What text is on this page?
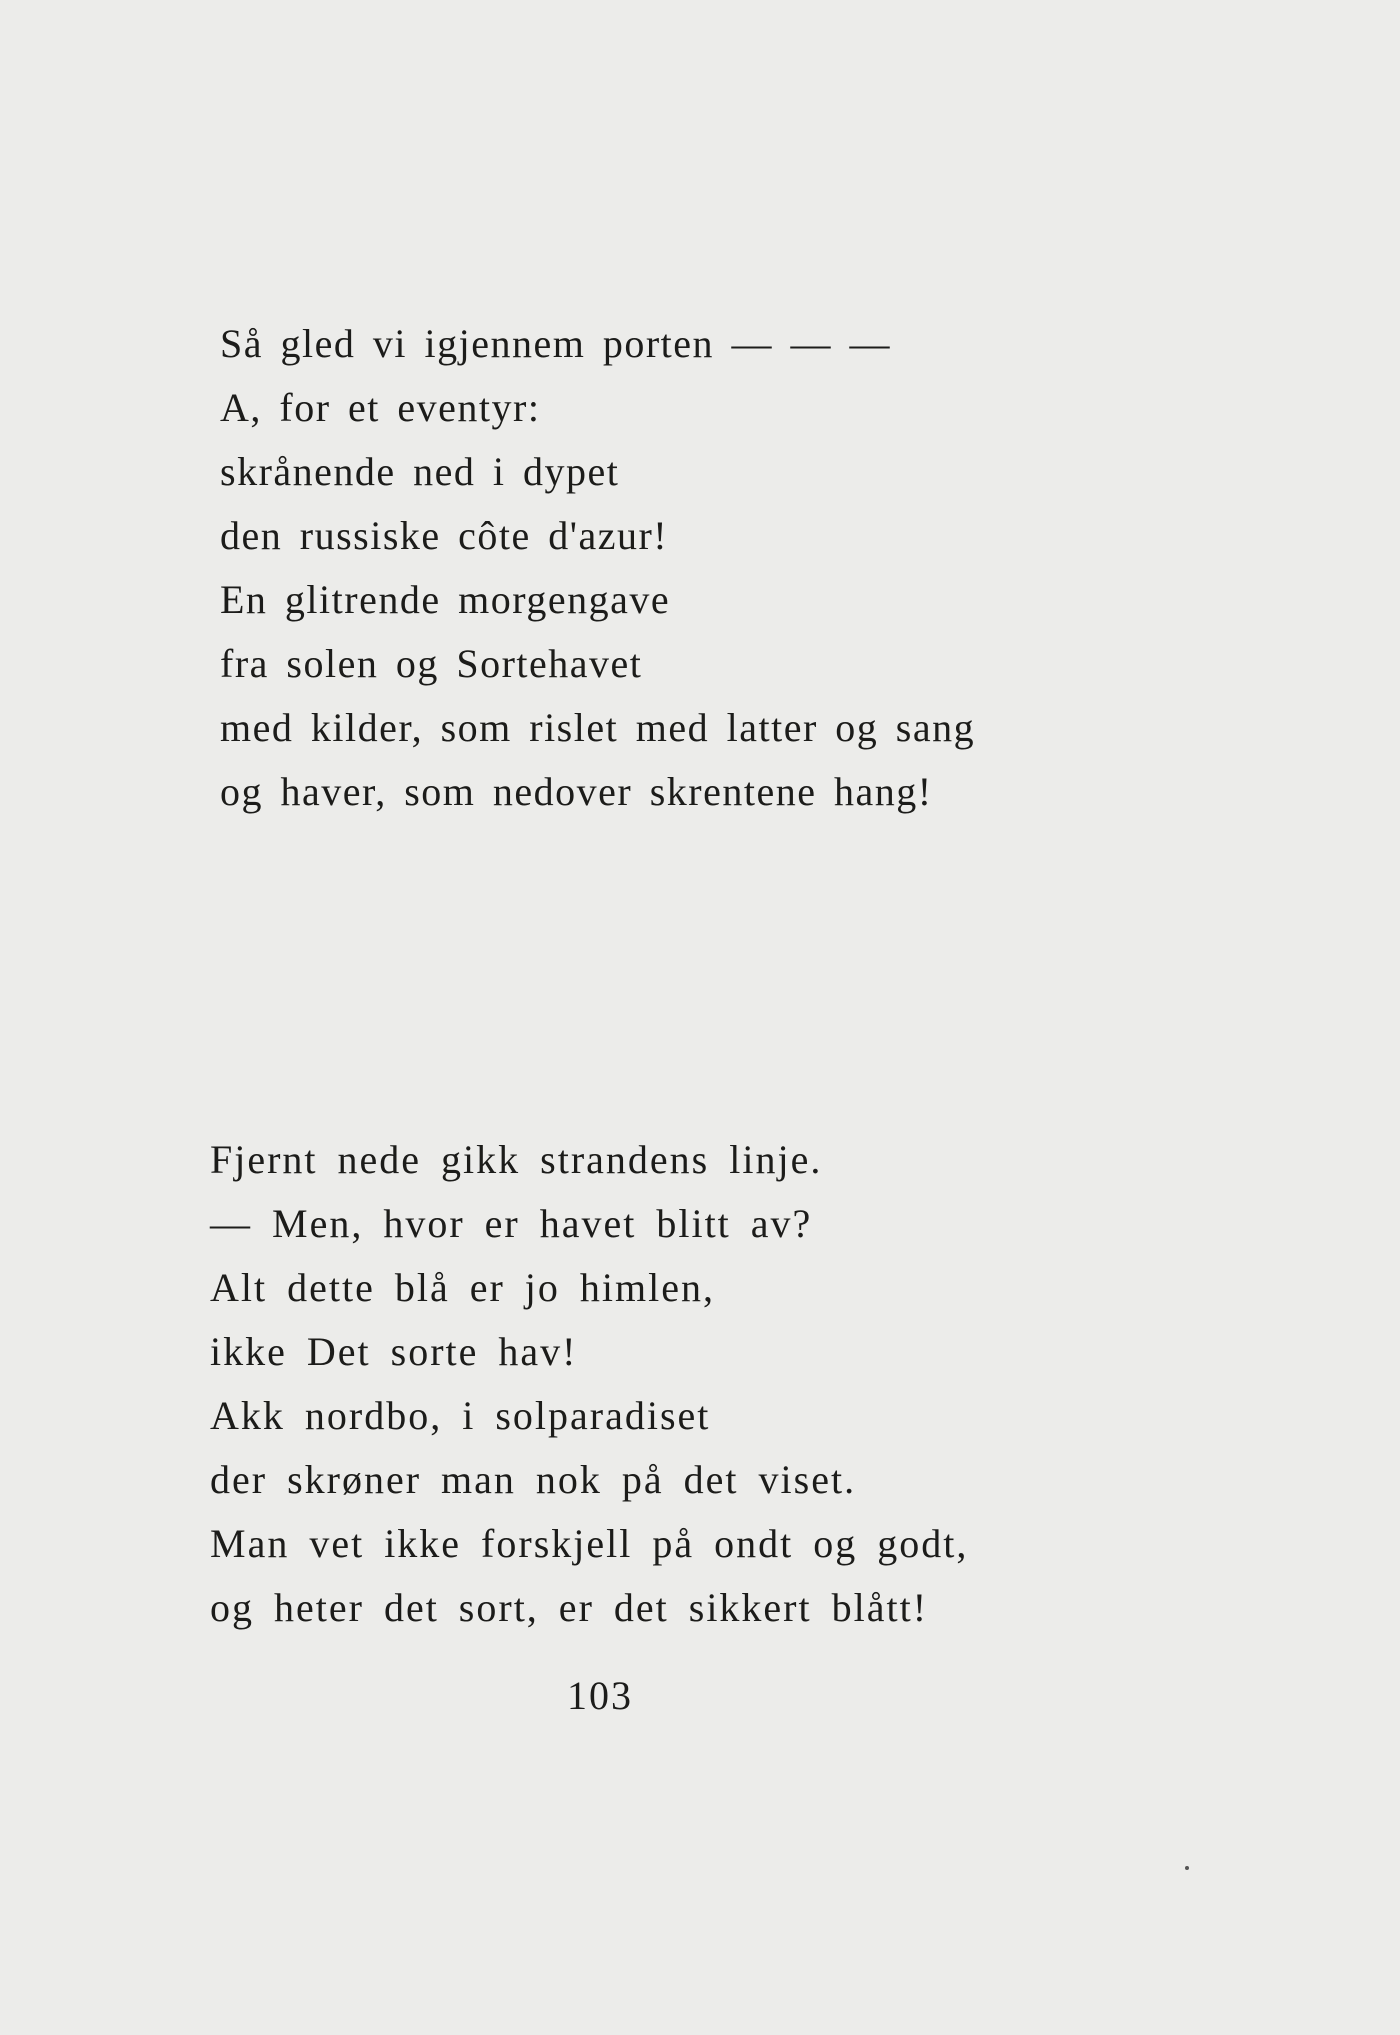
Så gled vi igjennem porten — — —
A, for et eventyr:
skrånende ned i dypet
den russiske côte d'azur!
En glitrende morgengave
fra solen og Sortehavet
med kilder, som rislet med latter og sang
og haver, som nedover skrentene hang!
Fjernt nede gikk strandens linje.
— Men, hvor er havet blitt av?
Alt dette blå er jo himlen,
ikke Det sorte hav!
Akk nordbo, i solparadiset
der skrøner man nok på det viset.
Man vet ikke forskjell på ondt og godt,
og heter det sort, er det sikkert blått!
103
